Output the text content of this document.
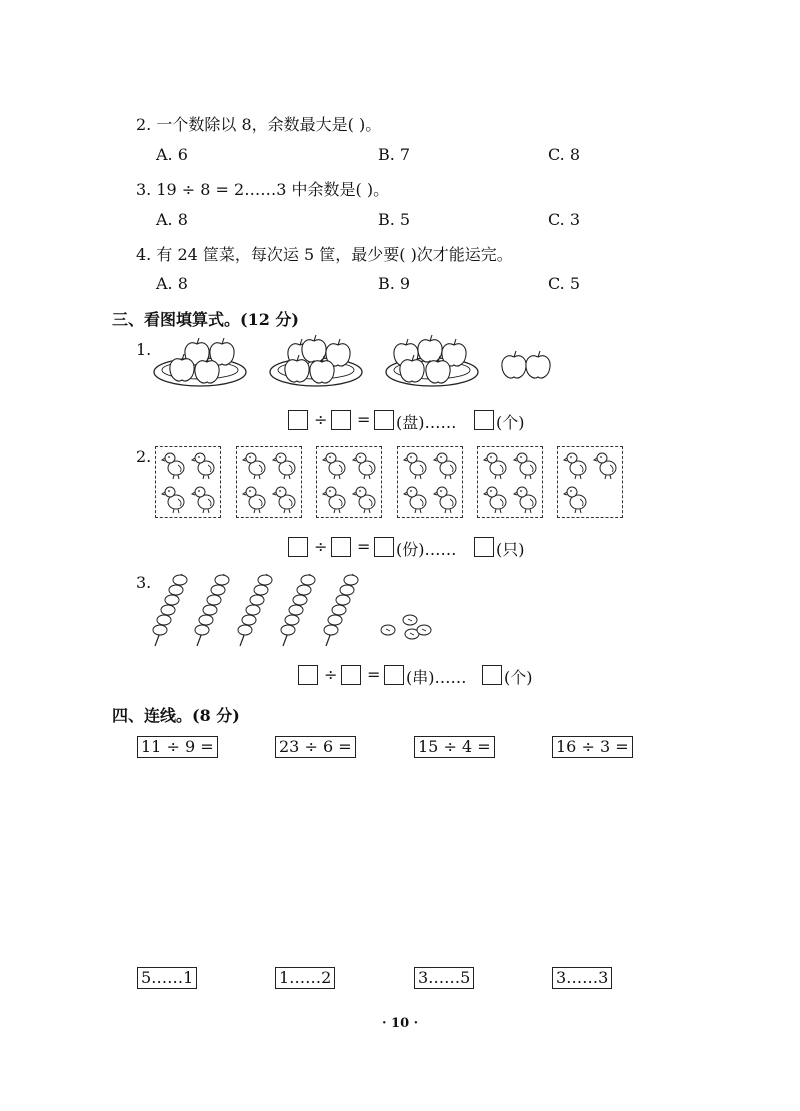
2. 一个数除以 8，余数最大是( )。
A. 6	B. 7	C. 8
3. 19 ÷ 8 = 2……3 中余数是( )。
A. 8	B. 5	C. 3
4. 有 24 筐菜，每次运 5 筐，最少要( )次才能运完。
A. 8	B. 9	C. 5
三、看图填算式。(12 分)
1.
÷ = (盘)…… (个)
2.
÷ = (份)…… (只)
3.
÷ = (串)…… (个)
四、连线。(8 分)
11 ÷ 9 =	23 ÷ 6 =	15 ÷ 4 =	16 ÷ 3 =
5……1	1……2	3……5	3……3
· 10 ·
